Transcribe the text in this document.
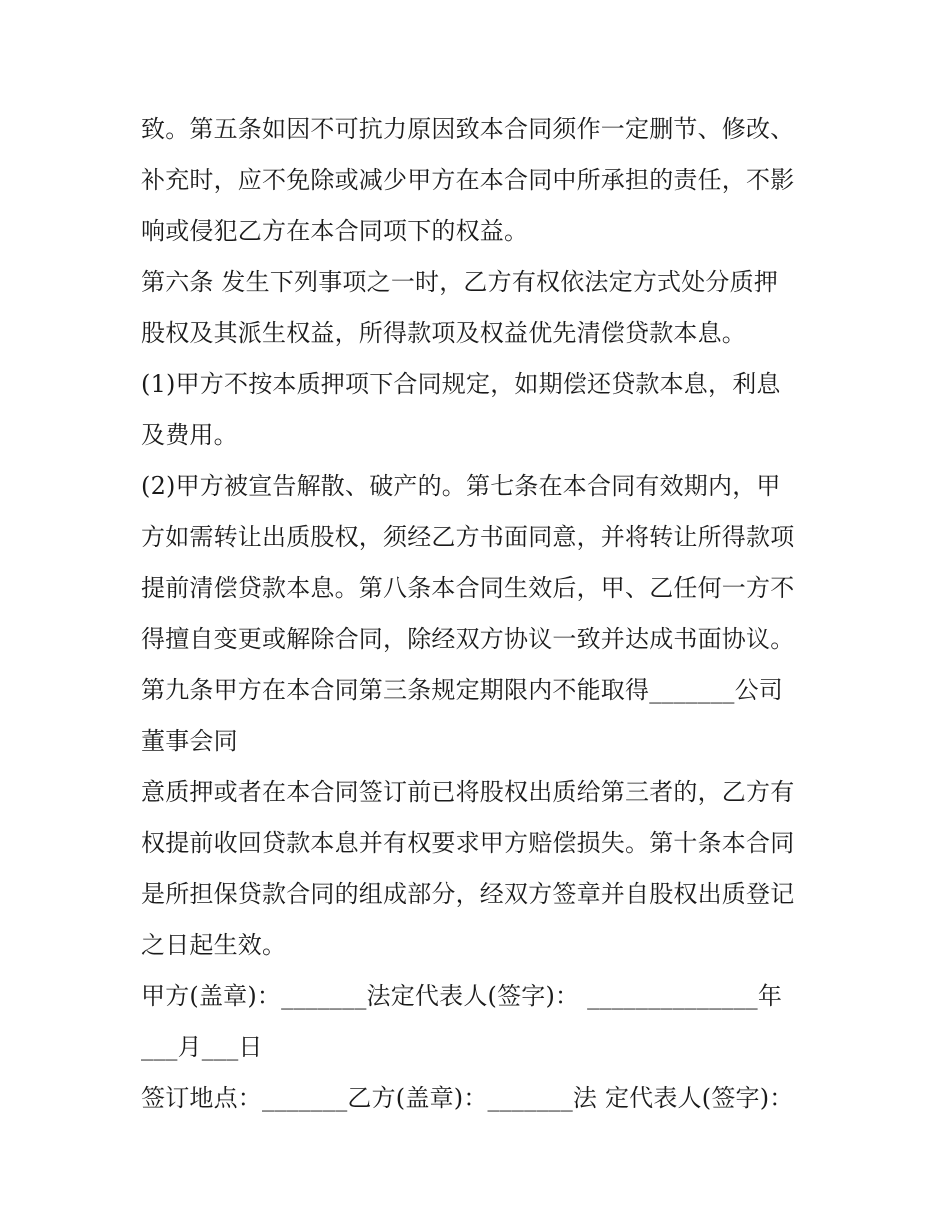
致。第五条如因不可抗力原因致本合同须作一定删节、修改、
补充时，应不免除或减少甲方在本合同中所承担的责任，不影
响或侵犯乙方在本合同项下的权益。
第六条 发生下列事项之一时，乙方有权依法定方式处分质押
股权及其派生权益，所得款项及权益优先清偿贷款本息。
(1)甲方不按本质押项下合同规定，如期偿还贷款本息，利息
及费用。
(2)甲方被宣告解散、破产的。第七条在本合同有效期内，甲
方如需转让出质股权，须经乙方书面同意，并将转让所得款项
提前清偿贷款本息。第八条本合同生效后，甲、乙任何一方不
得擅自变更或解除合同，除经双方协议一致并达成书面协议。
第九条甲方在本合同第三条规定期限内不能取得_______公司
董事会同
意质押或者在本合同签订前已将股权出质给第三者的，乙方有
权提前收回贷款本息并有权要求甲方赔偿损失。第十条本合同
是所担保贷款合同的组成部分，经双方签章并自股权出质登记
之日起生效。
甲方(盖章)：_______法定代表人(签字)： ______________年
___月___日
签订地点：_______乙方(盖章)：_______法 定代表人(签字)：
